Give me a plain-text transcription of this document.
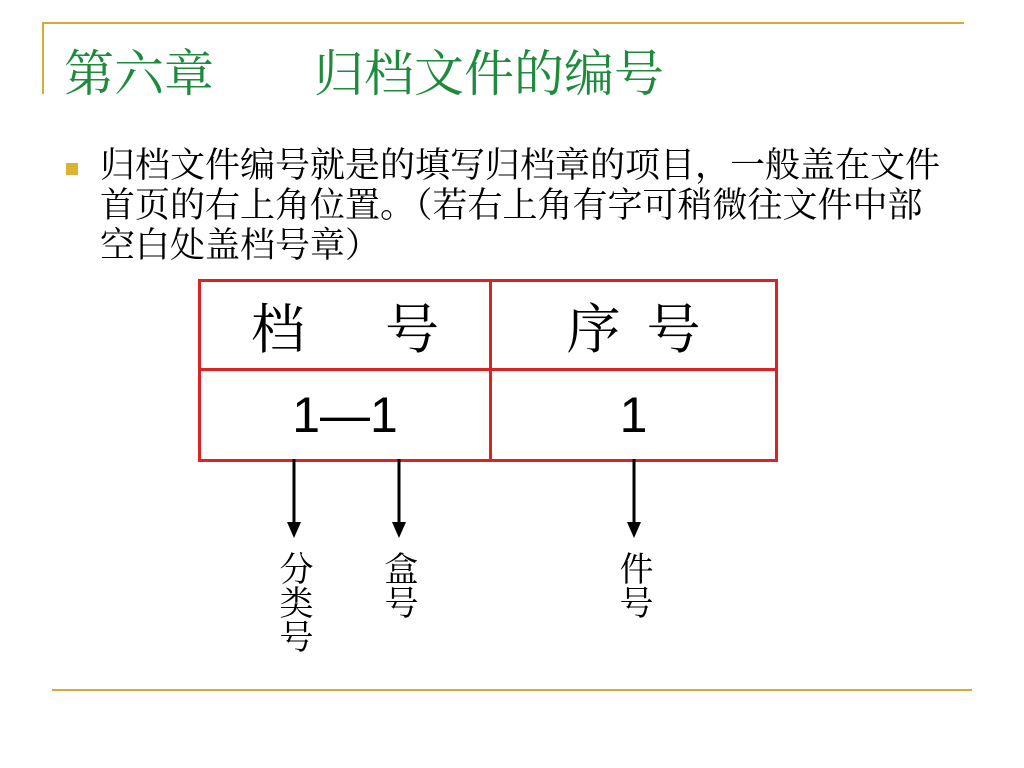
第六章　　归档文件的编号
归档文件编号就是的填写归档章的项目，一般盖在文件首页的右上角位置。（若右上角有字可稍微往文件中部空白处盖档号章）
档 号	序 号
1—1	1
分类号 盒号	件号
